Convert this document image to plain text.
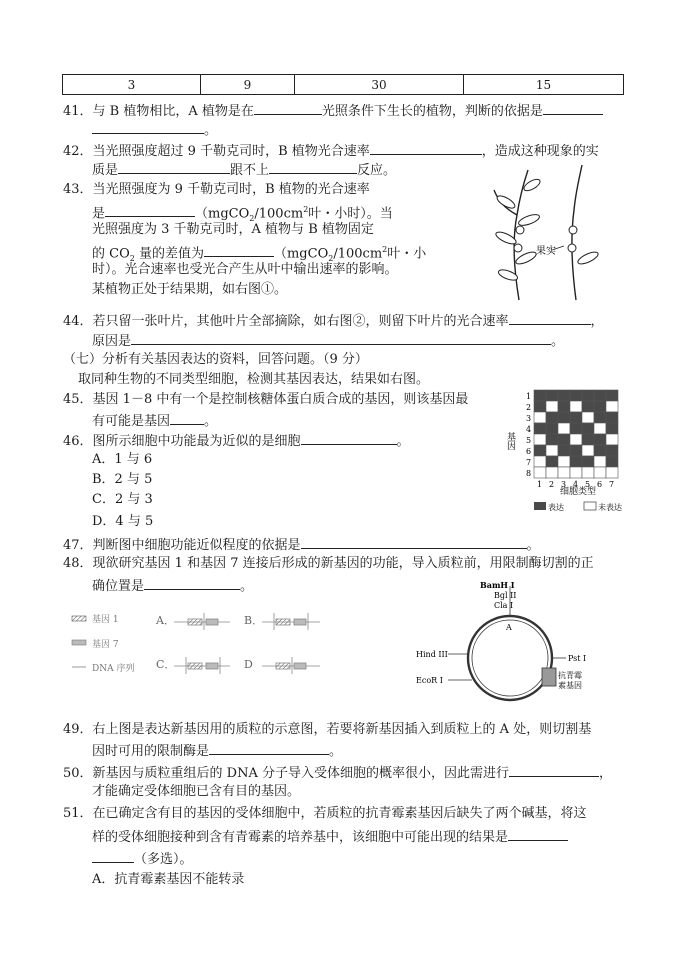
3	9	30	15
41．与 B 植物相比，A 植物是在	光照条件下生长的植物，判断的依据是
。
42．当光照强度超过 9 千勒克司时，B 植物光合速率	，造成这种现象的实
质是	跟不上	反应。
43．当光照强度为 9 千勒克司时，B 植物的光合速率
是	（$mgCO_2/100cm^2$叶・小时）。当
光照强度为 3 千勒克司时，A 植物与 B 植物固定
的 $CO_2$ 量的差值为	（$mgCO_2/100cm^2$叶・小
时）。光合速率也受光合产生从叶中输出速率的影响。
某植物正处于结果期，如右图①。
果实
44．若只留一张叶片，其他叶片全部摘除，如右图②，则留下叶片的光合速率	，
原因是	。
（七）分析有关基因表达的资料，回答问题。（9 分）
取同种生物的不同类型细胞，检测其基因表达，结果如右图。
45．基因 1－8 中有一个是控制核糖体蛋白质合成的基因，则该基因最
有可能是基因	。
46．图所示细胞中功能最为近似的是细胞	。
A．1 与 6
B．2 与 5
C．2 与 3
D．4 与 5
基因
1
2
3
4
5
6
7
8
1 2 3 4 5 6 7
细胞类型
表达	未表达
47．判断图中细胞功能近似程度的依据是	。
48．现欲研究基因 1 和基因 7 连接后形成的新基因的功能，导入质粒前，用限制酶切割的正
确位置是	。
基因 1
基因 7
DNA 序列
A．	B．
C．	D
BamH I
Bgl II
Cla I
A
Pst I
Hind III
EcoR I
抗青霉
素基因
49．右上图是表达新基因用的质粒的示意图，若要将新基因插入到质粒上的 A 处，则切割基
因时可用的限制酶是	。
50．新基因与质粒重组后的 DNA 分子导入受体细胞的概率很小，因此需进行	，
才能确定受体细胞已含有目的基因。
51．在已确定含有目的基因的受体细胞中，若质粒的抗青霉素基因后缺失了两个碱基，将这
样的受体细胞接种到含有青霉素的培养基中，该细胞中可能出现的结果是
（多选）。
A．抗青霉素基因不能转录
